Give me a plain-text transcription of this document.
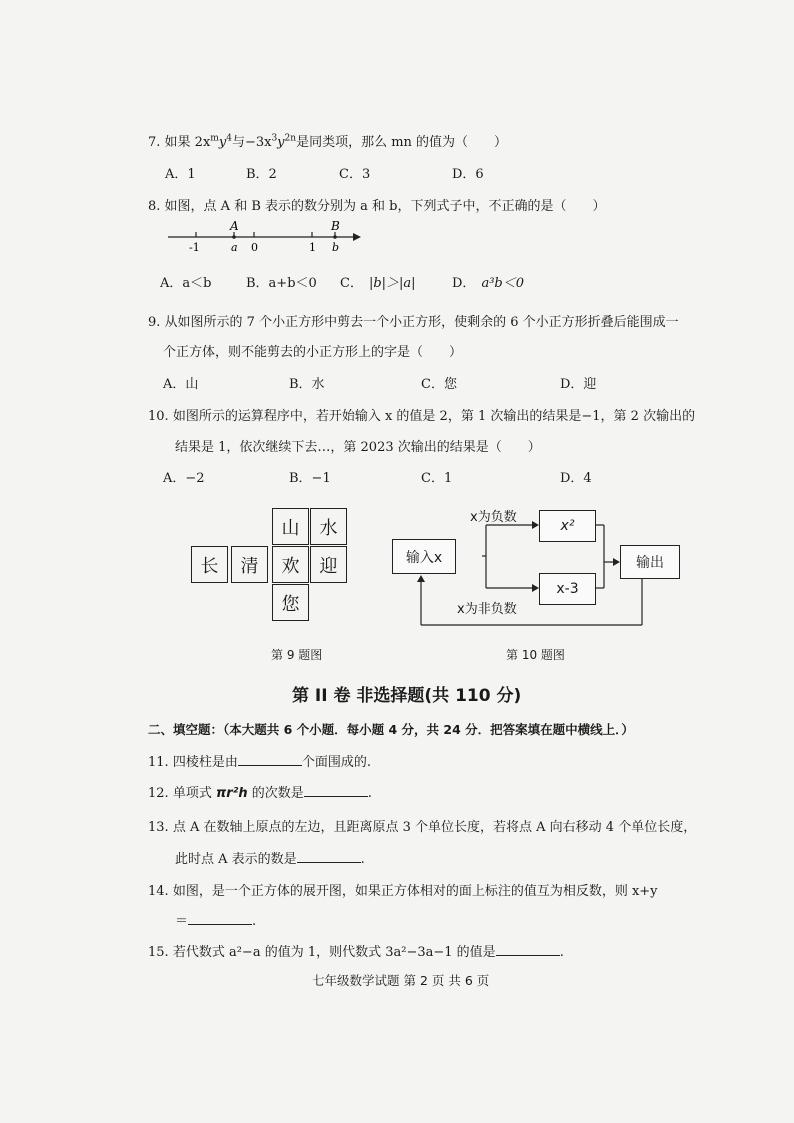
7. 如果 $2x^my^4$与$-3x^3y^{2n}$是同类项，那么 mn 的值为（　　）
A．1	B．2	C．3	D．6
8. 如图，点 A 和 B 表示的数分别为 a 和 b，下列式子中，不正确的是（　　）
A	B
-1	a 0	1 b
A．a＜b	B．a+b＜0 C． |b|＞|a|	D． a³b＜0
9. 从如图所示的 7 个小正方形中剪去一个小正方形，使剩余的 6 个小正方形折叠后能围成一
个正方体，则不能剪去的小正方形上的字是（　　）
A．山	B．水	C．您	D．迎
10. 如图所示的运算程序中，若开始输入 x 的值是 2，第 1 次输出的结果是−1，第 2 次输出的
结果是 1，依次继续下去…，第 2023 次输出的结果是（　　）
A．−2	B．−1	C．1	D．4
山	水
长	清	欢	迎
您
第 9 题图
输入x
x²
x-3
输出
x为负数
x为非负数
第 10 题图
第 II 卷 非选择题(共 110 分)
二、填空题：（本大题共 6 个小题．每小题 4 分，共 24 分．把答案填在题中横线上．）
11. 四棱柱是由	个面围成的.
12. 单项式 πr²h 的次数是	.
13. 点 A 在数轴上原点的左边，且距离原点 3 个单位长度，若将点 A 向右移动 4 个单位长度，
此时点 A 表示的数是	.
14. 如图，是一个正方体的展开图，如果正方体相对的面上标注的值互为相反数，则 x+y
＝	.
15. 若代数式 a²−a 的值为 1，则代数式 3a²−3a−1 的值是	.
七年级数学试题 第 2 页 共 6 页
